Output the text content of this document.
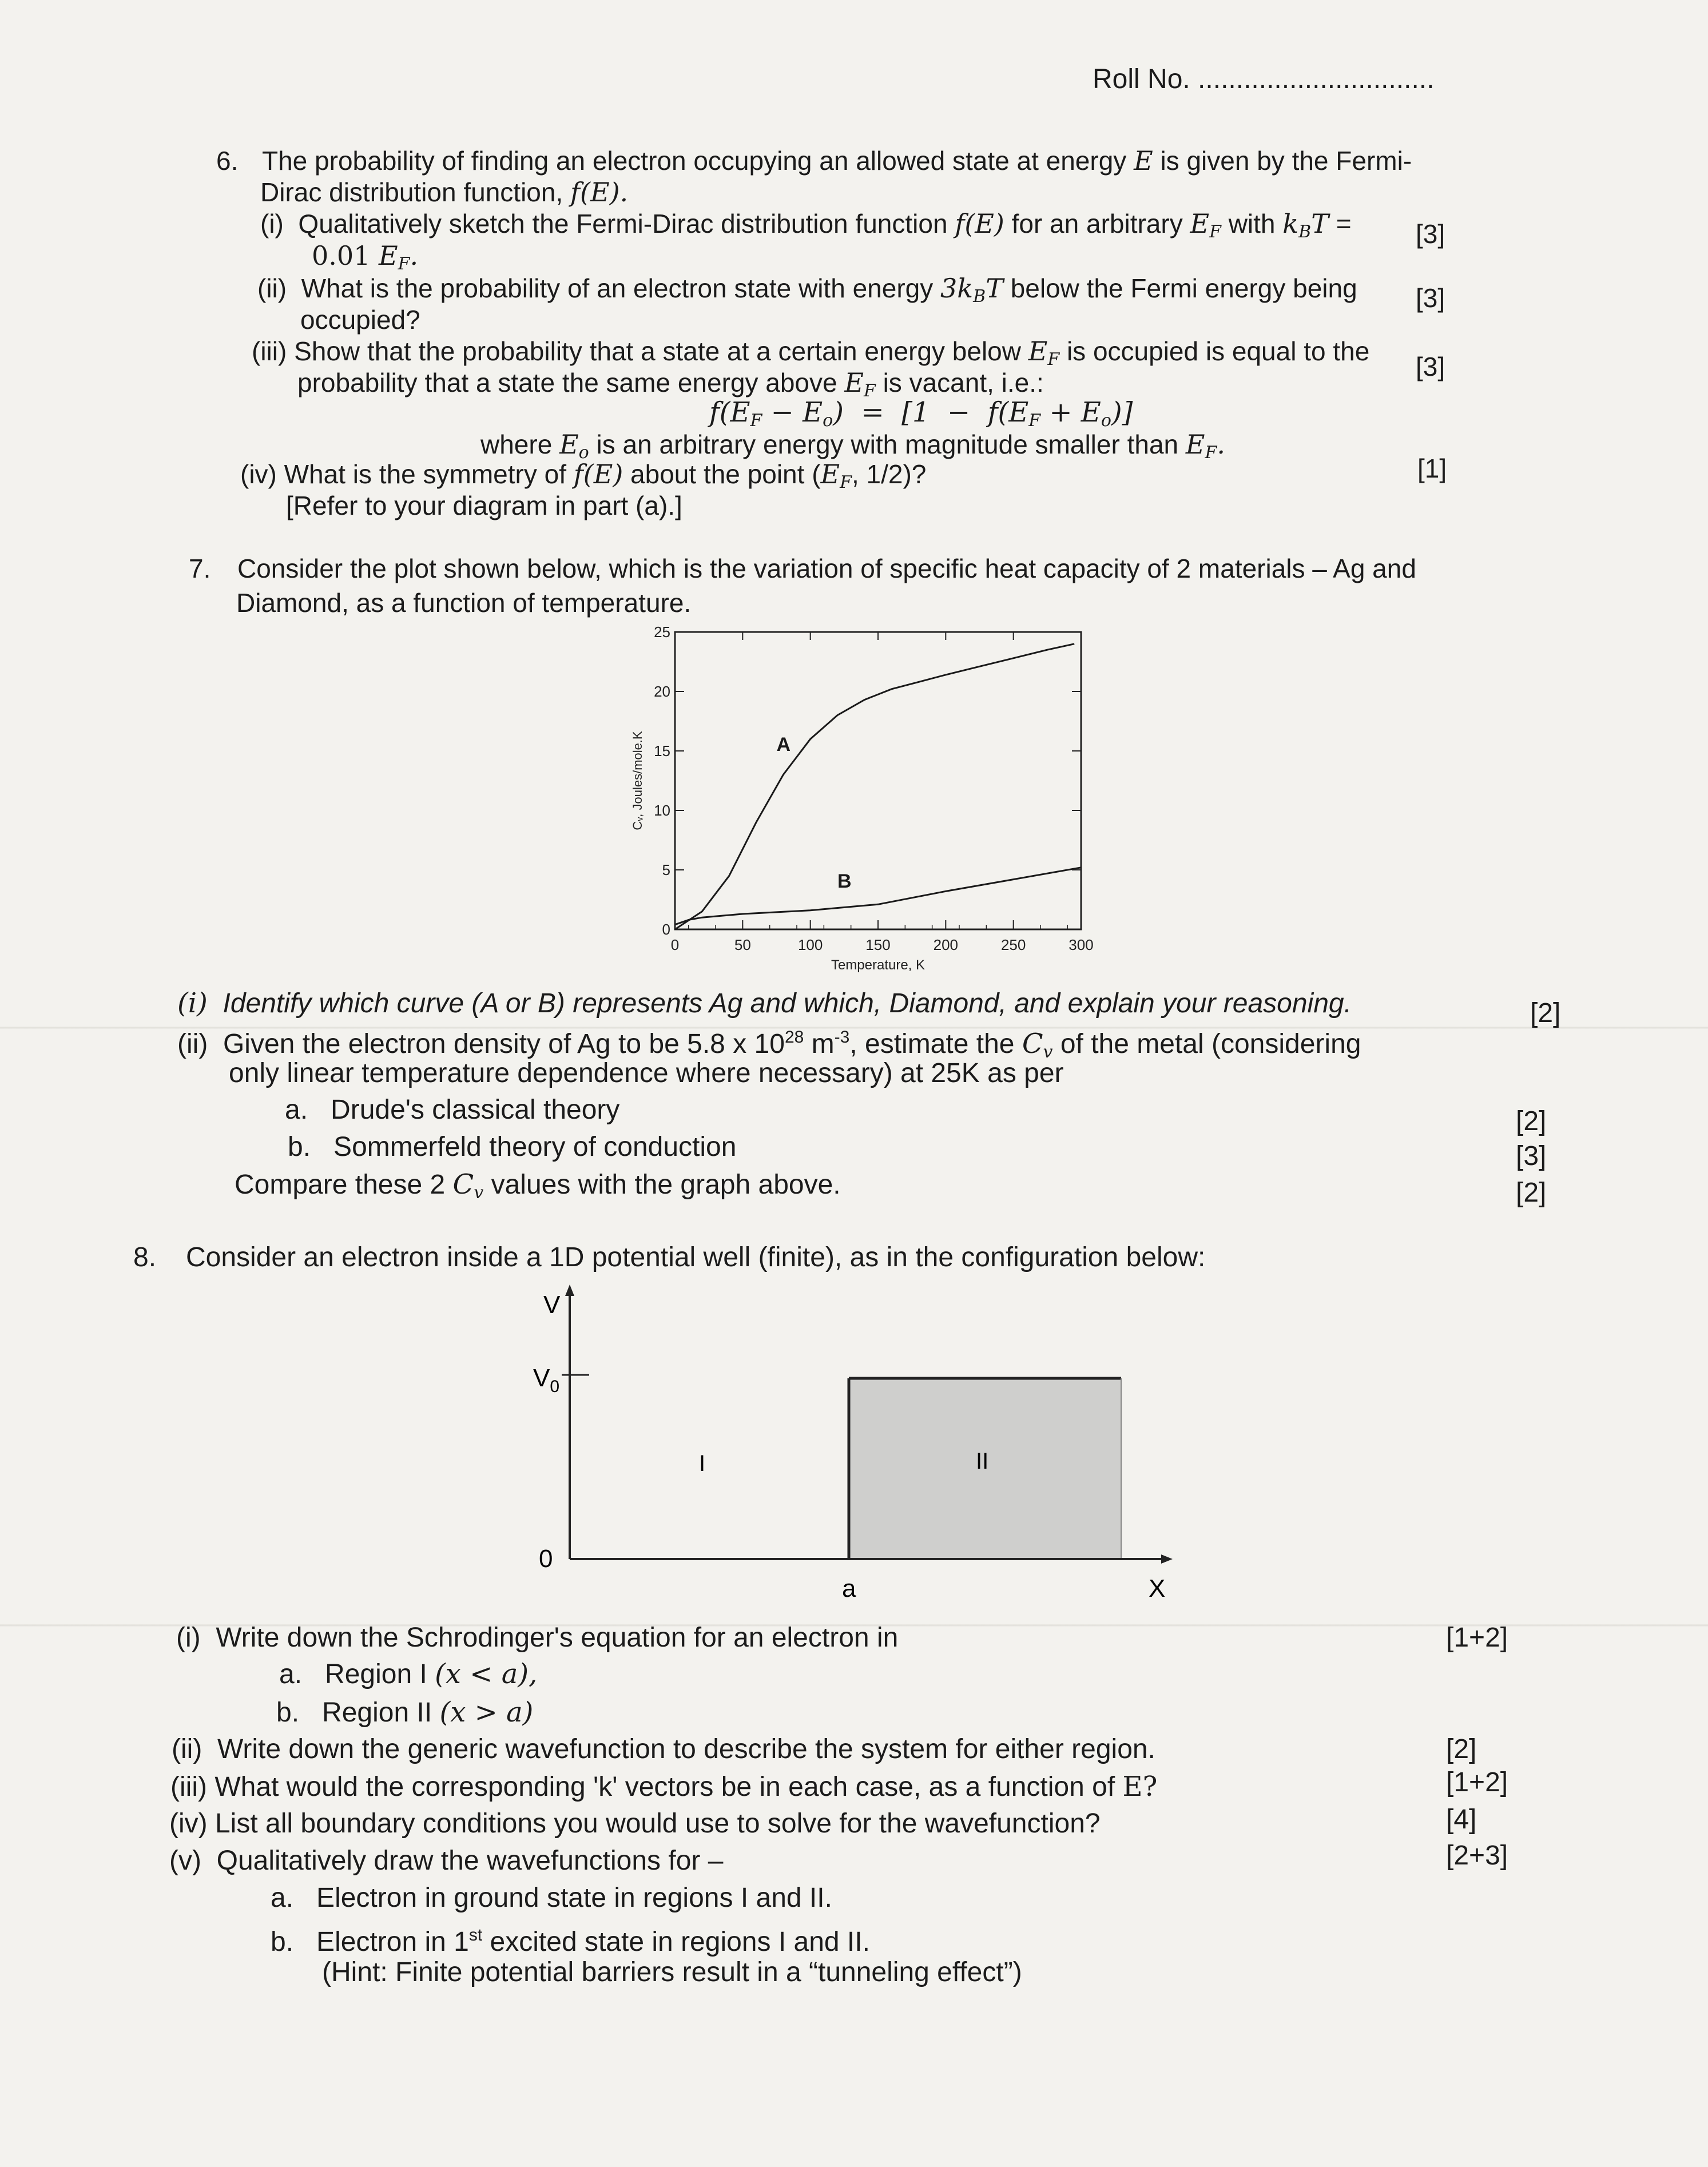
Roll No. ...............................
6. The probability of finding an electron occupying an allowed state at energy E is given by the Fermi-
Dirac distribution function, f(E).
(i) Qualitatively sketch the Fermi-Dirac distribution function f(E) for an arbitrary $E_F$ with $k_BT = [3]$
0.01 $E_F$.
(ii) What is the probability of an electron state with energy $3k_BT$ below the Fermi energy being [3]
occupied?
(iii) Show that the probability that a state at a certain energy below $E_F$ is occupied is equal to the
[3]
probability that a state the same energy above $E_F$ is vacant, i.e.:
$f(E_F - E_o) = [1 - f(E_F + E_o)]$
where $E_o$ is an arbitrary energy with magnitude smaller than $E_F$.
(iv) What is the symmetry of f(E) about the point ($E_F$, 1/2)?	[1]
[Refer to your diagram in part (a).]
7. Consider the plot shown below, which is the variation of specific heat capacity of 2 materials – Ag and
Diamond, as a function of temperature.
0	50	100	150	200	250	300
0
5
10
15
20
25
Temperature, K
Cᵥ, Joules/mole.K	A
B
(i) Identify which curve (A or B) represents Ag and which, Diamond, and explain your reasoning.	[2]
(ii) Given the electron density of Ag to be 5.8 x $10^{28}$ $m^{-3}$, estimate the $C_v$ of the metal (considering
only linear temperature dependence where necessary) at 25K as per
a. Drude's classical theory	[2]
b. Sommerfeld theory of conduction	[3]
Compare these 2 $C_v$ values with the graph above.	[2]
8. Consider an electron inside a 1D potential well (finite), as in the configuration below:
V
$V_0$
0
a	X
I	II
(i) Write down the Schrodinger's equation for an electron in	[1+2]
a. Region I (x < a),
b. Region II (x > a)
(ii) Write down the generic wavefunction to describe the system for either region.	[2]
(iii) What would the corresponding 'k' vectors be in each case, as a function of E?	[1+2]
(iv) List all boundary conditions you would use to solve for the wavefunction?	[4]
(v) Qualitatively draw the wavefunctions for –	[2+3]
a. Electron in ground state in regions I and II.
b. Electron in 1st excited state in regions I and II.
(Hint: Finite potential barriers result in a “tunneling effect”)
